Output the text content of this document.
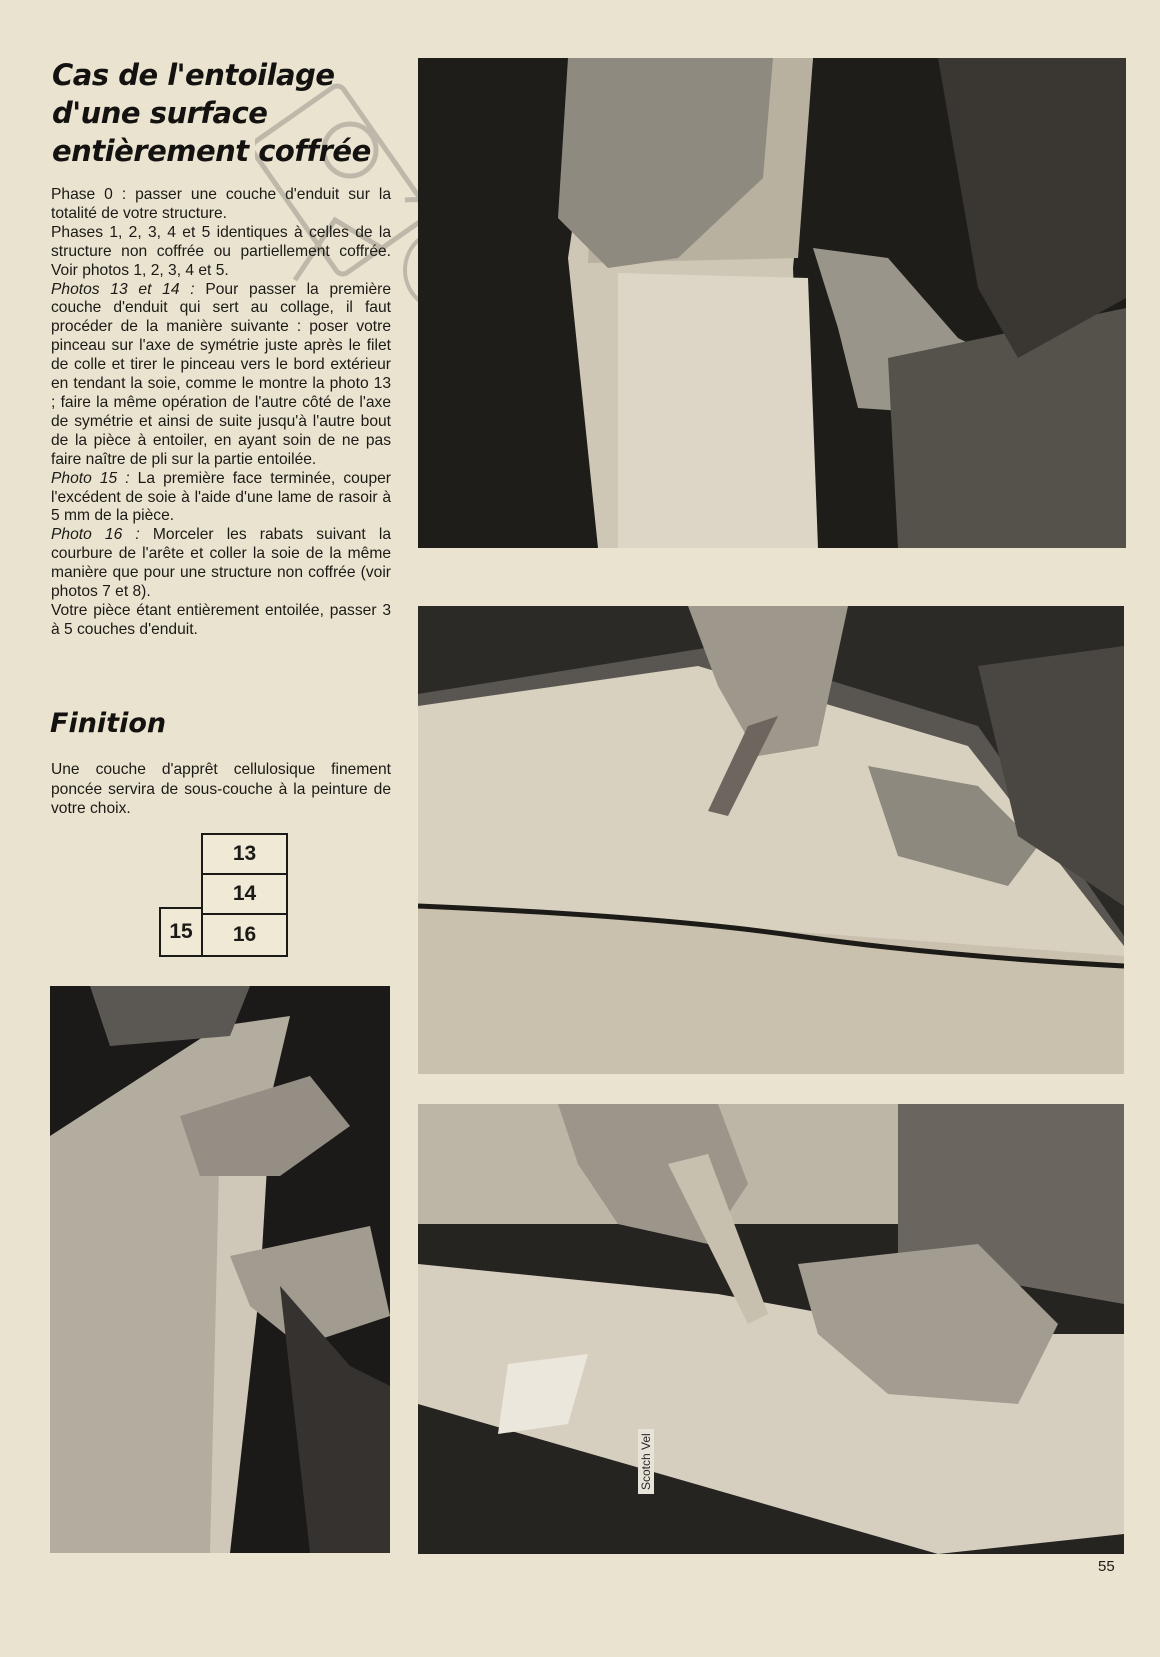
Cas de l'entoilage
d'une surface
entièrement coffrée

Phase 0 : passer une couche d'enduit sur la totalité de votre structure.

Phases 1, 2, 3, 4 et 5 identiques à celles de la structure non coffrée ou partiellement coffrée. Voir photos 1, 2, 3, 4 et 5.

Photos 13 et 14 : Pour passer la première couche d'enduit qui sert au collage, il faut procéder de la manière suivante : poser votre pinceau sur l'axe de symétrie juste après le filet de colle et tirer le pinceau vers le bord extérieur en tendant la soie, comme le montre la photo 13 ; faire la même opération de l'autre côté de l'axe de symétrie et ainsi de suite jusqu'à l'autre bout de la pièce à entoiler, en ayant soin de ne pas faire naître de pli sur la partie entoilée.

Photo 15 : La première face terminée, couper l'excédent de soie à l'aide d'une lame de rasoir à 5 mm de la pièce.

Photo 16 : Morceler les rabats suivant la courbure de l'arête et coller la soie de la même manière que pour une structure non coffrée (voir photos 7 et 8).

Votre pièce étant entièrement entoilée, passer 3 à 5 couches d'enduit.

Finition

Une couche d'apprêt cellulosique finement poncée servira de sous-couche à la peinture de votre choix.

13
14
15	16
Scotch Vel
55
